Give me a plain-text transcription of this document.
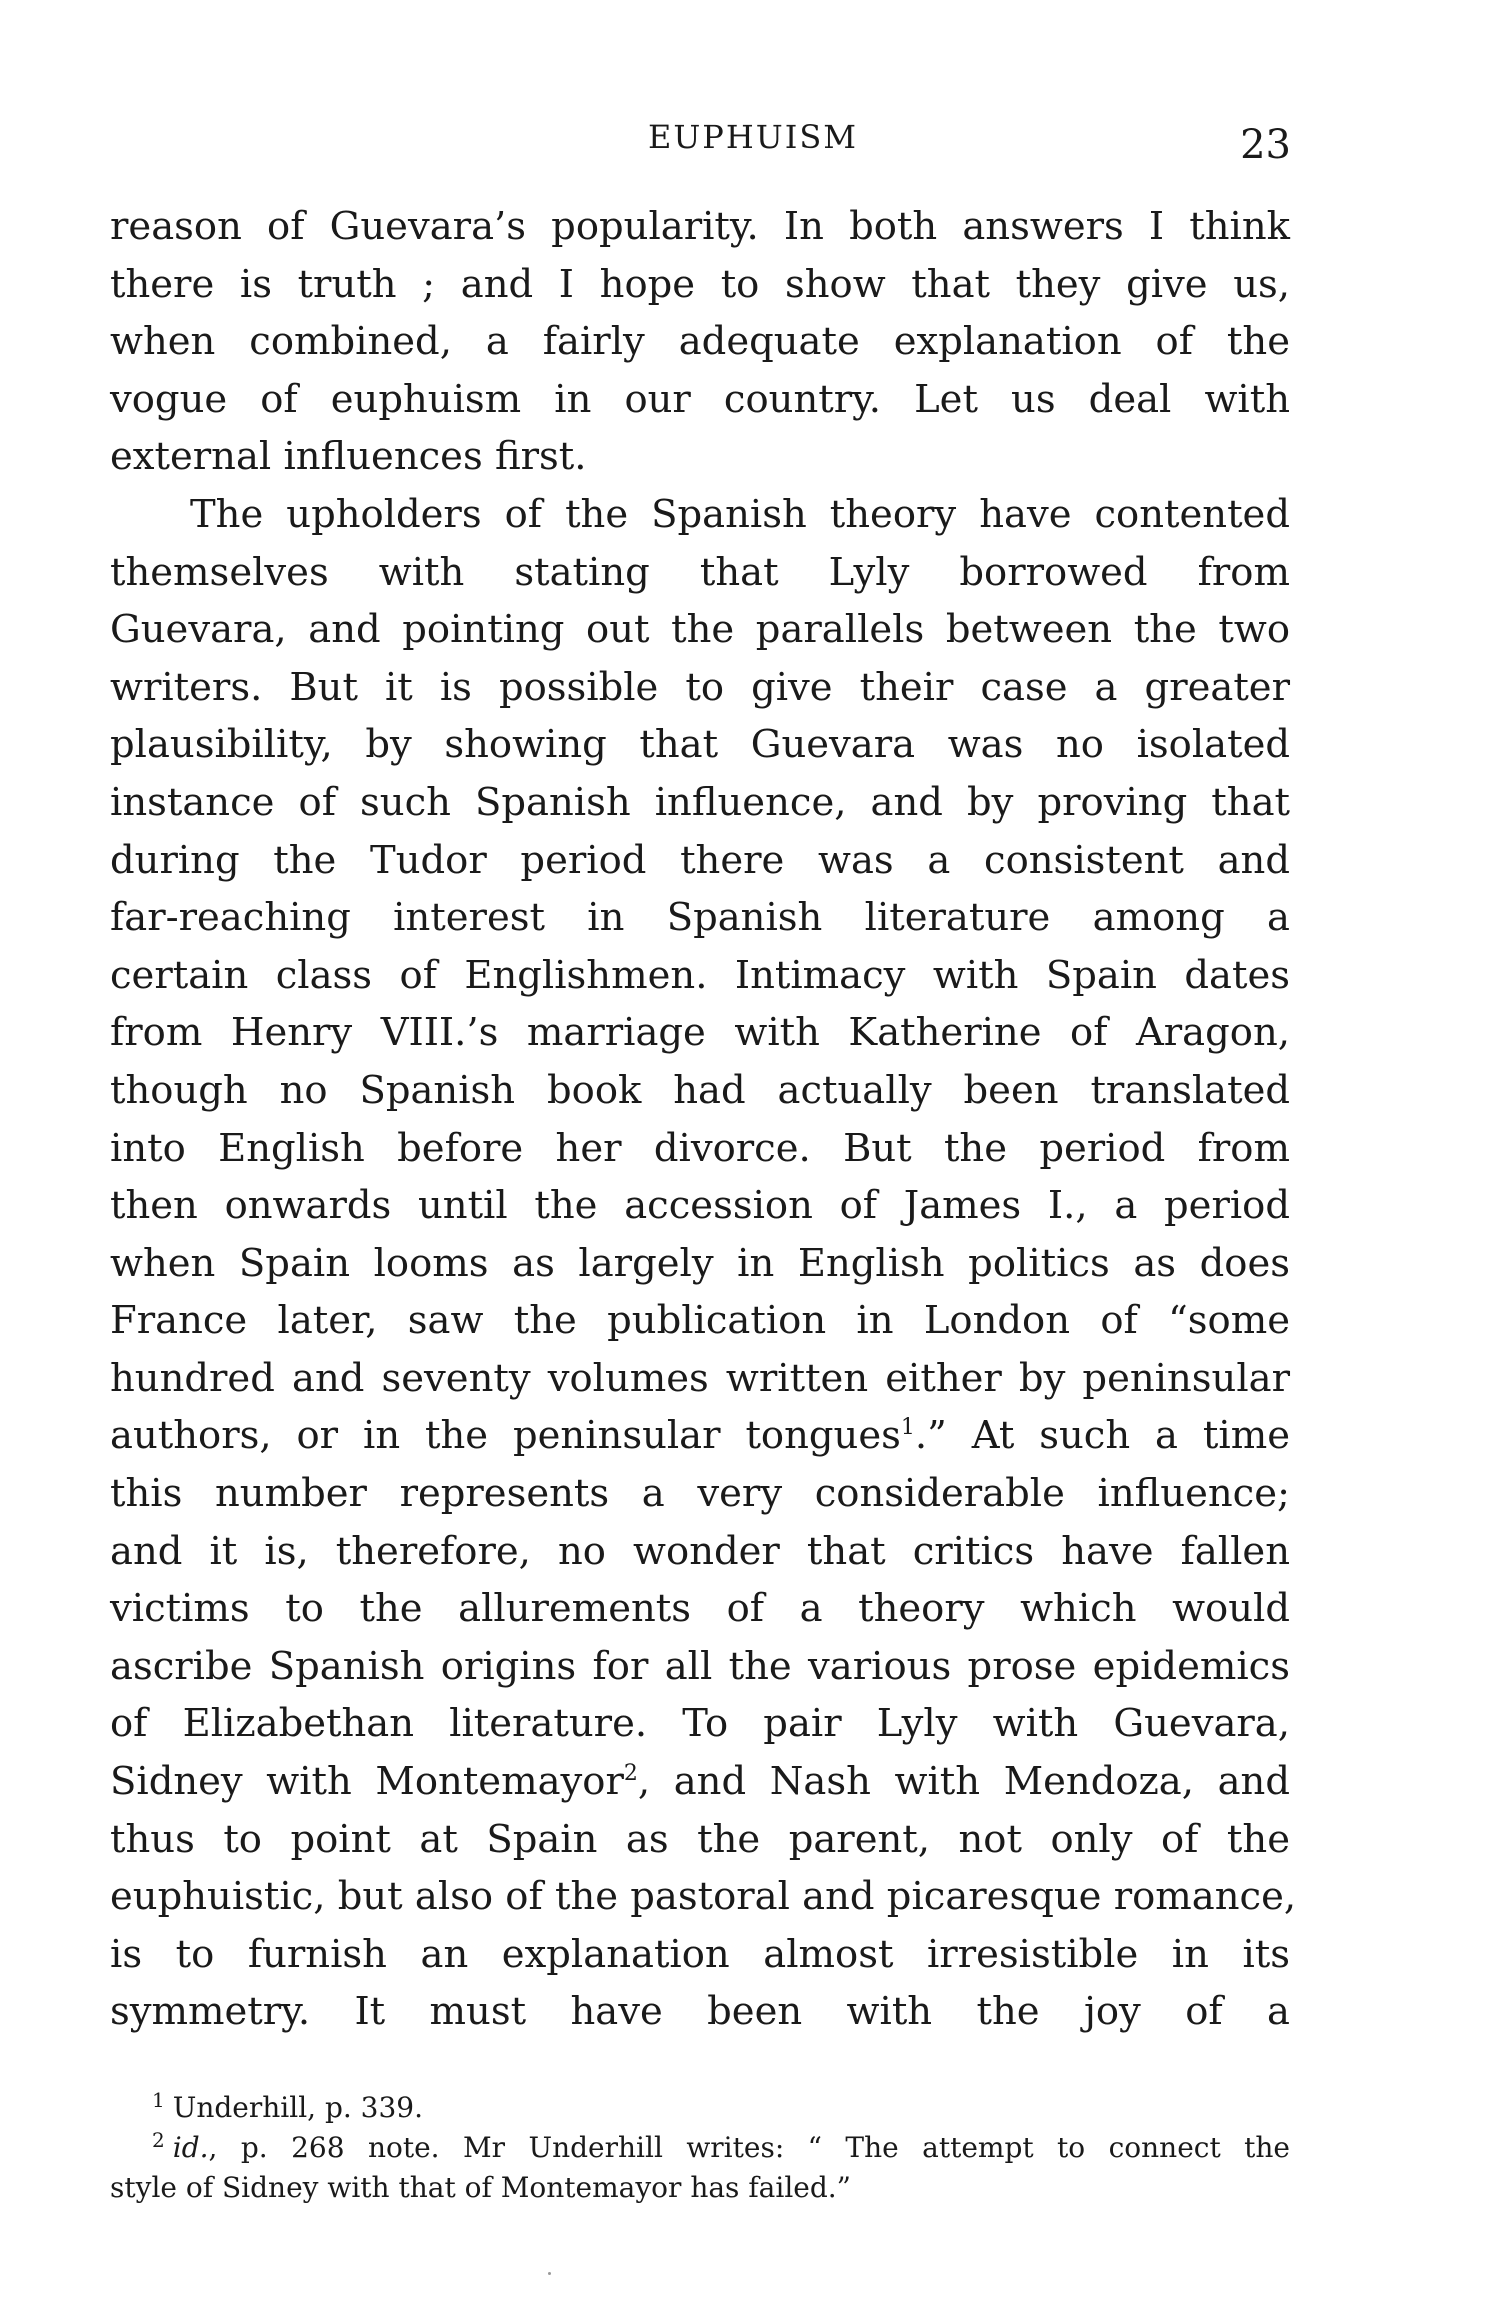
EUPHUISM	23
reason of Guevara’s popularity. In both answers I think
there is truth ; and I hope to show that they give us,
when combined, a fairly adequate explanation of the
vogue of euphuism in our country. Let us deal with
external influences first.
The upholders of the Spanish theory have contented
themselves with stating that Lyly borrowed from
Guevara, and pointing out the parallels between the two
writers. But it is possible to give their case a greater
plausibility, by showing that Guevara was no isolated
instance of such Spanish influence, and by proving that
during the Tudor period there was a consistent and
far-reaching interest in Spanish literature among a
certain class of Englishmen. Intimacy with Spain dates
from Henry VIII.’s marriage with Katherine of Aragon,
though no Spanish book had actually been translated
into English before her divorce. But the period from
then onwards until the accession of James I., a period
when Spain looms as largely in English politics as does
France later, saw the publication in London of “some
hundred and seventy volumes written either by peninsular
authors, or in the peninsular tongues$^1$.” At such a time
this number represents a very considerable influence;
and it is, therefore, no wonder that critics have fallen
victims to the allurements of a theory which would
ascribe Spanish origins for all the various prose epidemics
of Elizabethan literature. To pair Lyly with Guevara,
Sidney with Montemayor$^2$, and Nash with Mendoza, and
thus to point at Spain as the parent, not only of the
euphuistic, but also of the pastoral and picaresque romance,
is to furnish an explanation almost irresistible in its
symmetry. It must have been with the joy of a
$^1$ Underhill, p. 339.
$^2$ id., p. 268 note. Mr Underhill writes: “ The attempt to connect the
style of Sidney with that of Montemayor has failed.”
